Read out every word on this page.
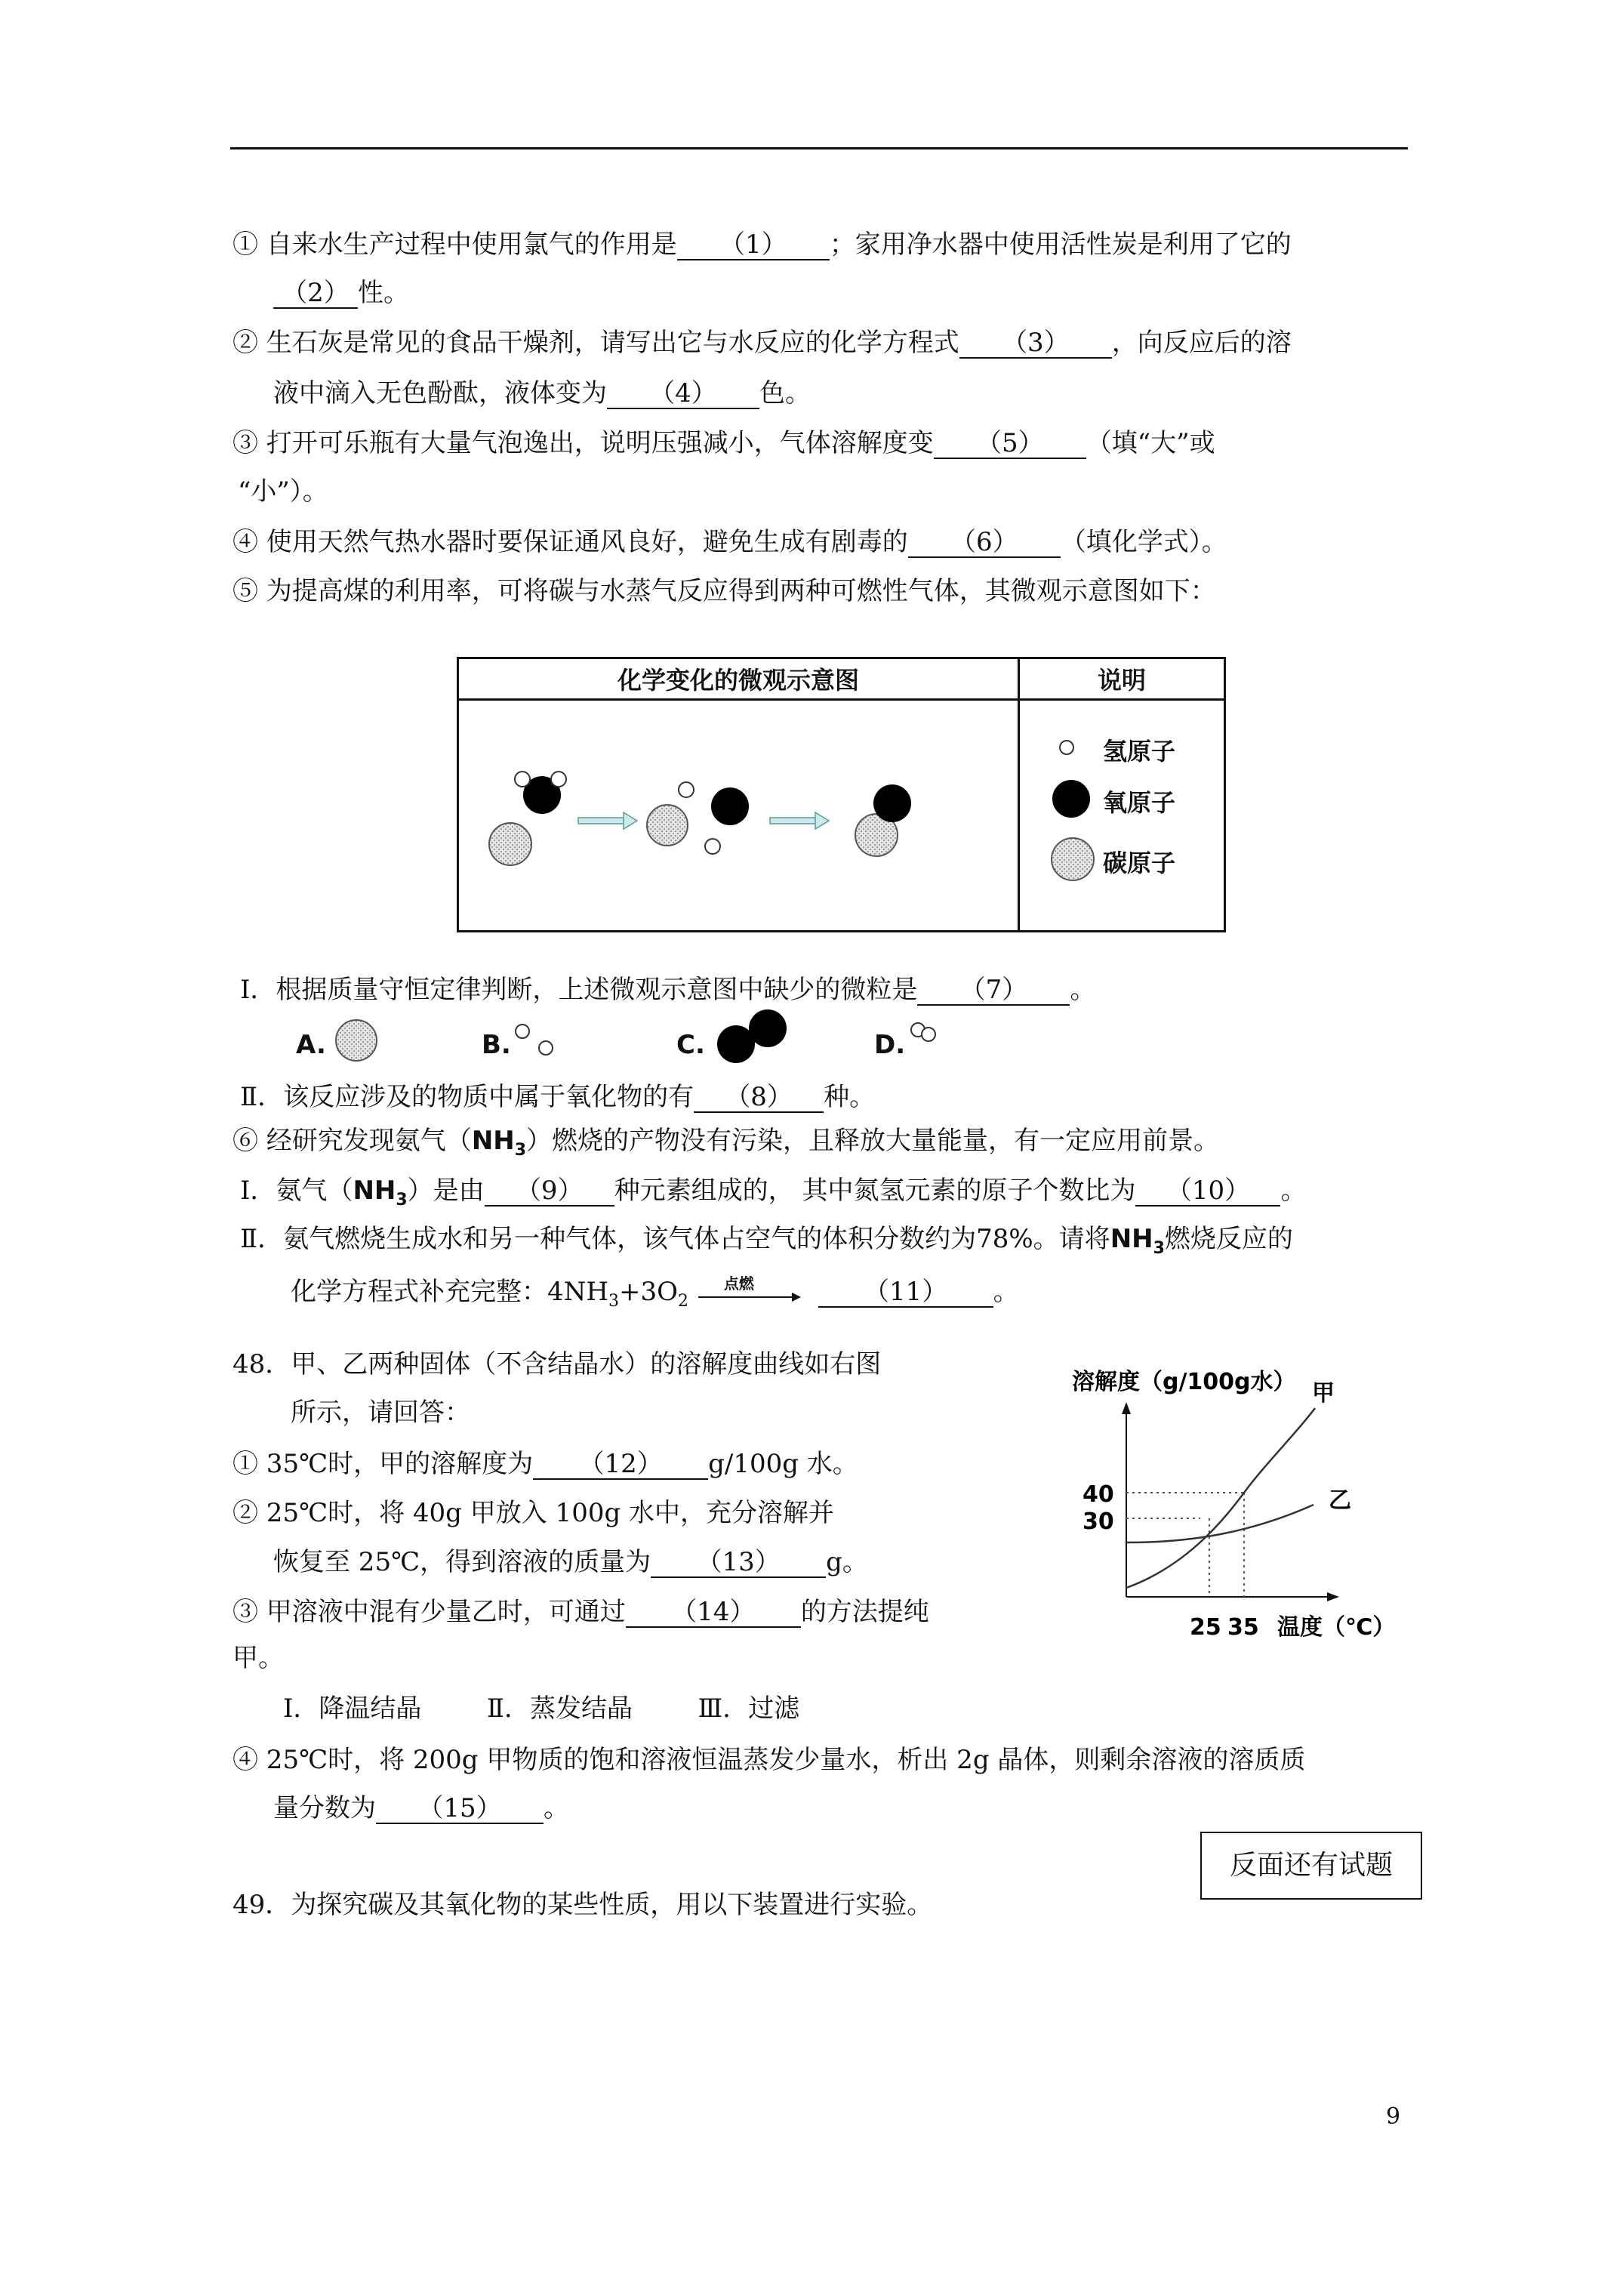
① 自来水生产过程中使用氯气的作用是 （1） ；家用净水器中使用活性炭是利用了它的
（2） 性。
② 生石灰是常见的食品干燥剂，请写出它与水反应的化学方程式 （3） ，向反应后的溶
液中滴入无色酚酞，液体变为 （4） 色。
③ 打开可乐瓶有大量气泡逸出，说明压强减小，气体溶解度变 （5） （填“大”或
“小”）。
④ 使用天然气热水器时要保证通风良好，避免生成有剧毒的 （6） （填化学式）。
⑤ 为提高煤的利用率，可将碳与水蒸气反应得到两种可燃性气体，其微观示意图如下：
化学变化的微观示意图	说明

氢原子
氧原子
碳原子
Ⅰ．根据质量守恒定律判断，上述微观示意图中缺少的微粒是 （7） 。
A.	B.	C.	D.
Ⅱ．该反应涉及的物质中属于氧化物的有 （8） 种。
⑥ 经研究发现氨气$(NH_3)$燃烧的产物没有污染，且释放大量能量，有一定应用前景。
Ⅰ．氨气$(NH_3)$是由 （9） 种元素组成的， 其中氮氢元素的原子个数比为 （10） 。
Ⅱ．氨气燃烧生成水和另一种气体，该气体占空气的体积分数约为78%。请将$NH_3$燃烧反应的
化学方程式补充完整：$4NH_3+3O_2$
点燃	（11） 。
48．甲、乙两种固体（不含结晶水）的溶解度曲线如右图
所示，请回答：
① 35℃时，甲的溶解度为 （12） g/100g 水。
② 25℃时，将 40g 甲放入 100g 水中，充分溶解并
恢复至 25℃，得到溶液的质量为 （13） g。
③ 甲溶液中混有少量乙时，可通过 （14） 的方法提纯
甲。
Ⅰ．降温结晶        Ⅱ．蒸发结晶        Ⅲ．过滤
④ 25℃时，将 200g 甲物质的饱和溶液恒温蒸发少量水，析出 2g 晶体，则剩余溶液的溶质质
量分数为 （15） 。
溶解度（g/100g水） 甲
乙
40
30
25 35 温度（℃）
反面还有试题
49．为探究碳及其氧化物的某些性质，用以下装置进行实验。
9
